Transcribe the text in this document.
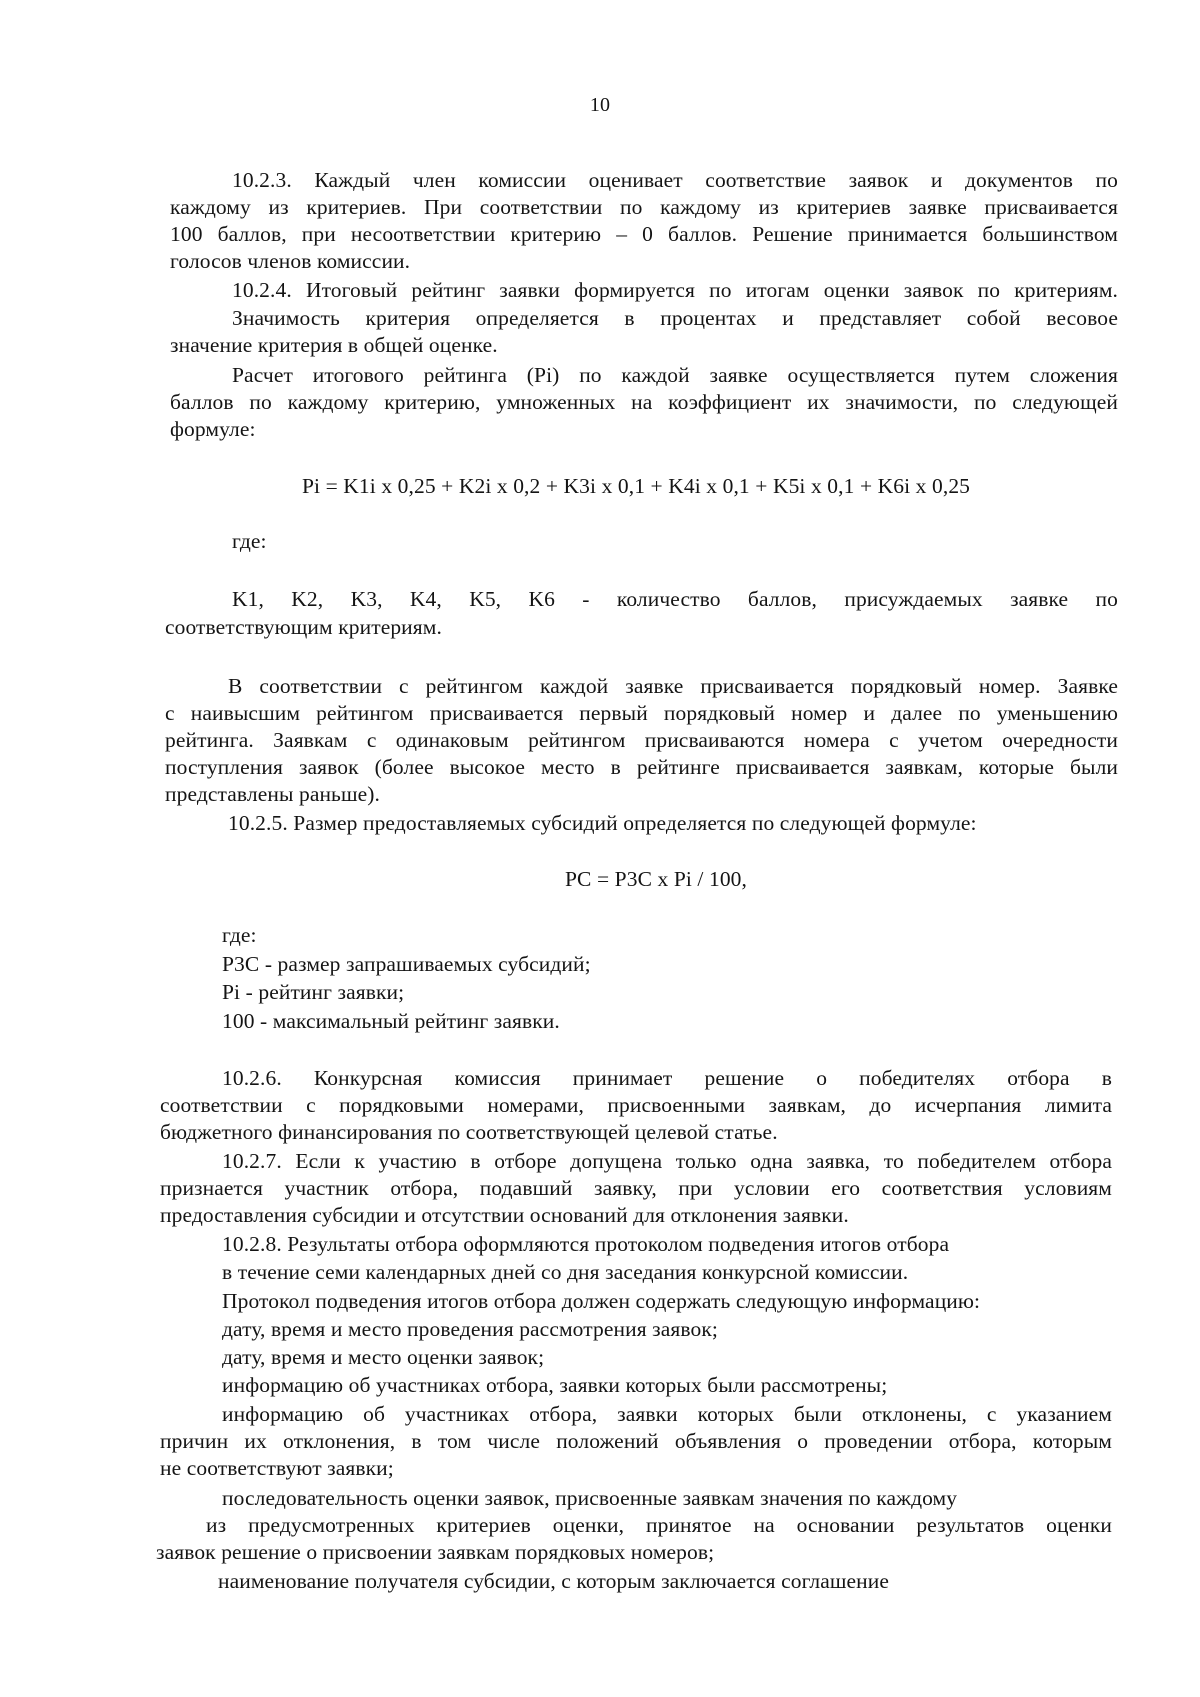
10
10.2.3. Каждый член комиссии оценивает соответствие заявок и документов по
каждому из критериев. При соответствии по каждому из критериев заявке присваивается
100 баллов, при несоответствии критерию – 0 баллов. Решение принимается большинством
голосов членов комиссии.
10.2.4. Итоговый рейтинг заявки формируется по итогам оценки заявок по критериям.
Значимость критерия определяется в процентах и представляет собой весовое
значение критерия в общей оценке.
Расчет итогового рейтинга (Pi) по каждой заявке осуществляется путем сложения
баллов по каждому критерию, умноженных на коэффициент их значимости, по следующей
формуле:
Pi = K1i x 0,25 + K2i x 0,2 + K3i x 0,1 + K4i x 0,1 + K5i x 0,1 + K6i x 0,25
где:
K1, K2, K3, K4, K5, K6 - количество баллов, присуждаемых заявке по
соответствующим критериям.
В соответствии с рейтингом каждой заявке присваивается порядковый номер. Заявке
с наивысшим рейтингом присваивается первый порядковый номер и далее по уменьшению
рейтинга. Заявкам с одинаковым рейтингом присваиваются номера с учетом очередности
поступления заявок (более высокое место в рейтинге присваивается заявкам, которые были
представлены раньше).
10.2.5. Размер предоставляемых субсидий определяется по следующей формуле:
PC = P3C x Pi / 100,
где:
P3C - размер запрашиваемых субсидий;
Pi - рейтинг заявки;
100 - максимальный рейтинг заявки.
10.2.6. Конкурсная комиссия принимает решение о победителях отбора в
соответствии с порядковыми номерами, присвоенными заявкам, до исчерпания лимита
бюджетного финансирования по соответствующей целевой статье.
10.2.7. Если к участию в отборе допущена только одна заявка, то победителем отбора
признается участник отбора, подавший заявку, при условии его соответствия условиям
предоставления субсидии и отсутствии оснований для отклонения заявки.
10.2.8. Результаты отбора оформляются протоколом подведения итогов отбора
в течение семи календарных дней со дня заседания конкурсной комиссии.
Протокол подведения итогов отбора должен содержать следующую информацию:
дату, время и место проведения рассмотрения заявок;
дату, время и место оценки заявок;
информацию об участниках отбора, заявки которых были рассмотрены;
информацию об участниках отбора, заявки которых были отклонены, с указанием
причин их отклонения, в том числе положений объявления о проведении отбора, которым
не соответствуют заявки;
последовательность оценки заявок, присвоенные заявкам значения по каждому
из предусмотренных критериев оценки, принятое на основании результатов оценки
заявок решение о присвоении заявкам порядковых номеров;
наименование получателя субсидии, с которым заключается соглашение
